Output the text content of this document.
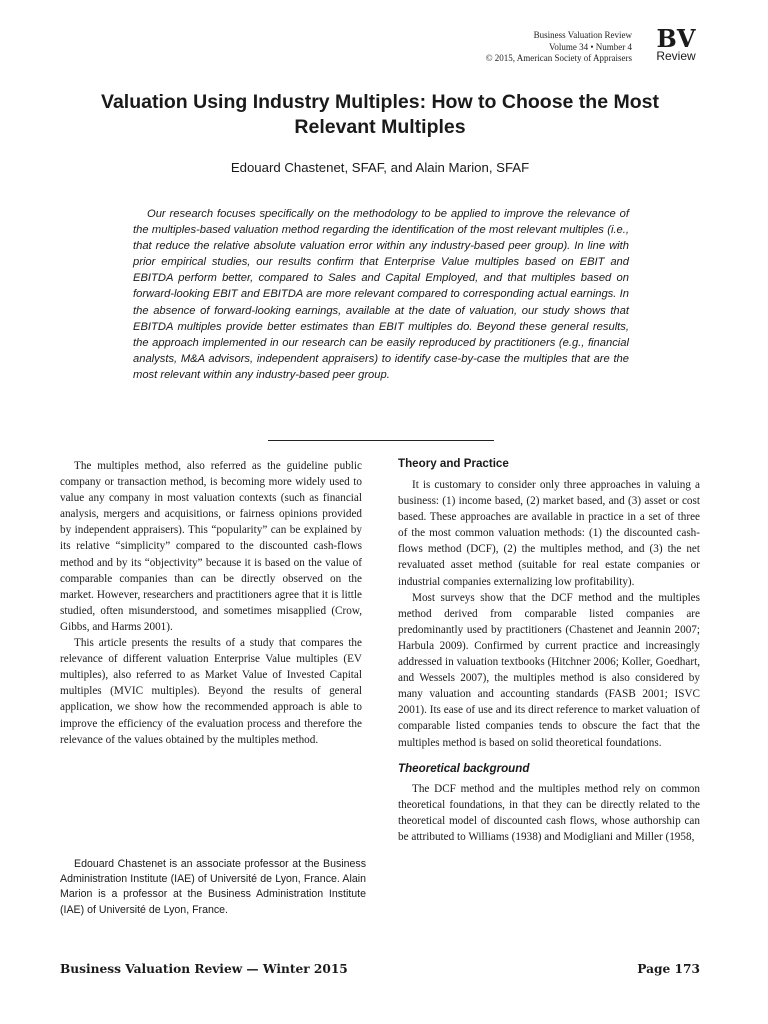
Business Valuation Review
Volume 34 • Number 4
© 2015, American Society of Appraisers
BV
Review
Valuation Using Industry Multiples: How to Choose the Most Relevant Multiples

Edouard Chastenet, SFAF, and Alain Marion, SFAF

Our research focuses specifically on the methodology to be applied to improve the relevance of the multiples-based valuation method regarding the identification of the most relevant multiples (i.e., that reduce the relative absolute valuation error within any industry-based peer group). In line with prior empirical studies, our results confirm that Enterprise Value multiples based on EBIT and EBITDA perform better, compared to Sales and Capital Employed, and that multiples based on forward-looking EBIT and EBITDA are more relevant compared to corresponding actual earnings. In the absence of forward-looking earnings, available at the date of valuation, our study shows that EBITDA multiples provide better estimates than EBIT multiples do. Beyond these general results, the approach implemented in our research can be easily reproduced by practitioners (e.g., financial analysts, M&A advisors, independent appraisers) to identify case-by-case the multiples that are the most relevant within any industry-based peer group.

The multiples method, also referred as the guideline public company or transaction method, is becoming more widely used to value any company in most valuation contexts (such as financial analysis, mergers and acquisitions, or fairness opinions provided by independent appraisers). This “popularity” can be explained by its relative “simplicity” compared to the discounted cash-flows method and by its “objectivity” because it is based on the value of comparable companies than can be directly observed on the market. However, researchers and practitioners agree that it is little studied, often misunderstood, and sometimes misapplied (Crow, Gibbs, and Harms 2001).

This article presents the results of a study that compares the relevance of different valuation Enterprise Value multiples (EV multiples), also referred to as Market Value of Invested Capital multiples (MVIC multiples). Beyond the results of general application, we show how the recommended approach is able to improve the efficiency of the evaluation process and therefore the relevance of the values obtained by the multiples method.

Edouard Chastenet is an associate professor at the Business Administration Institute (IAE) of Université de Lyon, France. Alain Marion is a professor at the Business Administration Institute (IAE) of Université de Lyon, France.

Theory and Practice

It is customary to consider only three approaches in valuing a business: (1) income based, (2) market based, and (3) asset or cost based. These approaches are available in practice in a set of three of the most common valuation methods: (1) the discounted cash-flows method (DCF), (2) the multiples method, and (3) the net revaluated asset method (suitable for real estate companies or industrial companies externalizing low profitability).

Most surveys show that the DCF method and the multiples method derived from comparable listed companies are predominantly used by practitioners (Chastenet and Jeannin 2007; Harbula 2009). Confirmed by current practice and increasingly addressed in valuation textbooks (Hitchner 2006; Koller, Goedhart, and Wessels 2007), the multiples method is also considered by many valuation and accounting standards (FASB 2001; ISVC 2001). Its ease of use and its direct reference to market valuation of comparable listed companies tends to obscure the fact that the multiples method is based on solid theoretical foundations.

Theoretical background

The DCF method and the multiples method rely on common theoretical foundations, in that they can be directly related to the theoretical model of discounted cash flows, whose authorship can be attributed to Williams (1938) and Modigliani and Miller (1958,

Business Valuation Review — Winter 2015	Page 173
